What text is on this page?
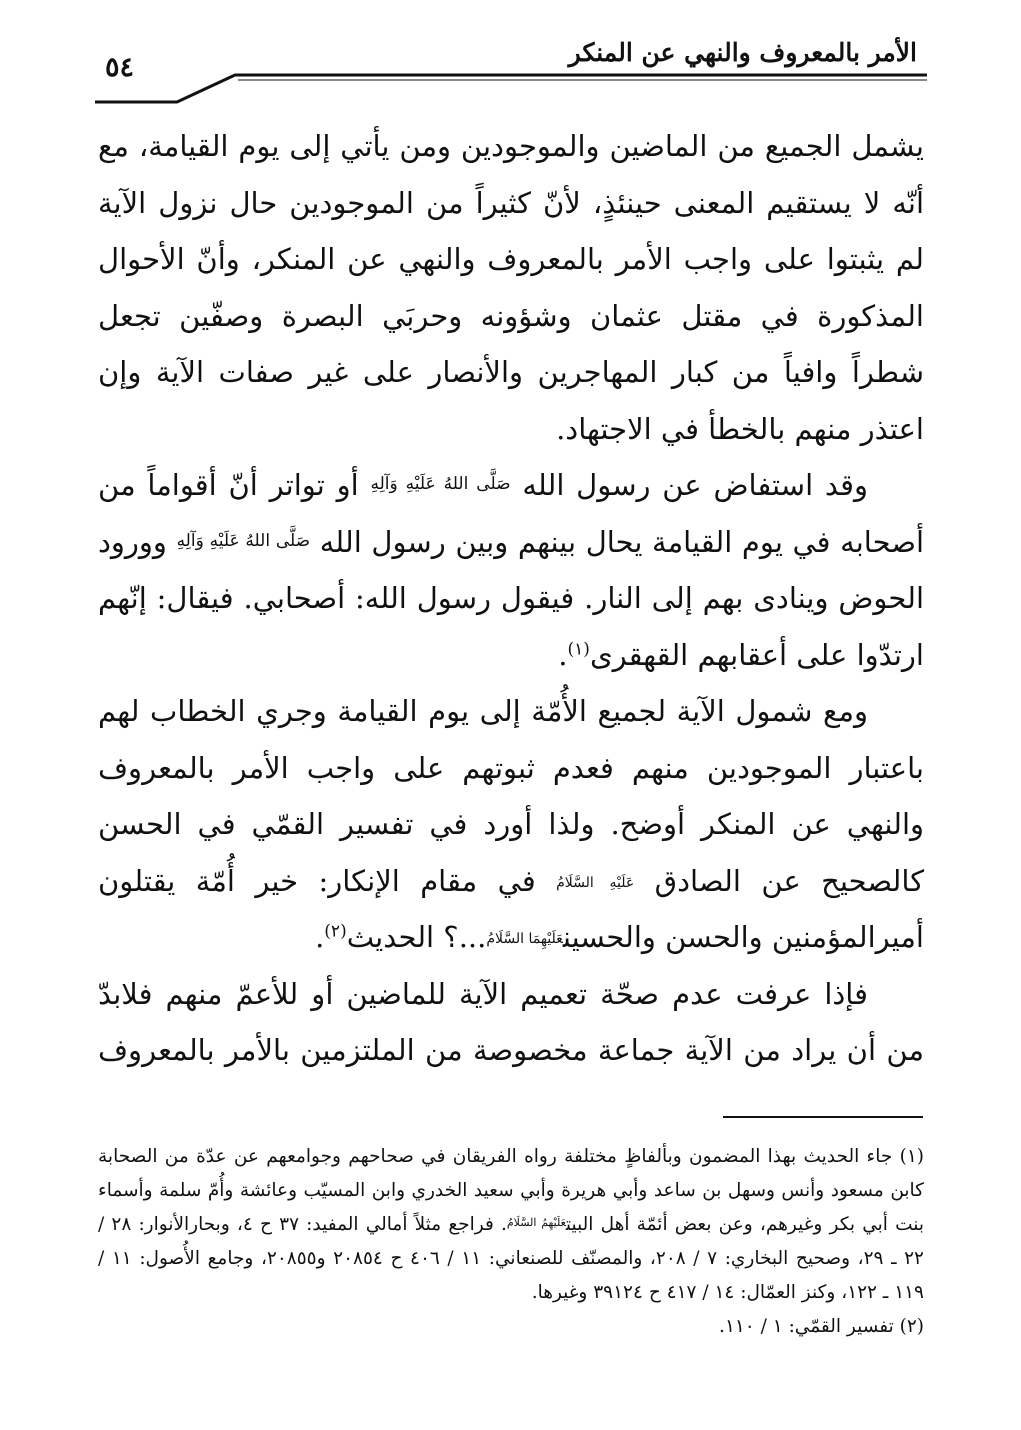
الأمر بالمعروف والنهي عن المنكر
٥٤

يشمل الجميع من الماضين والموجودين ومن يأتي إلى يوم القيامة، مع أنّه لا يستقيم المعنى حينئذٍ، لأنّ كثيراً من الموجودين حال نزول الآية لم يثبتوا على واجب الأمر بالمعروف والنهي عن المنكر، وأنّ الأحوال المذكورة في مقتل عثمان وشؤونه وحربَي البصرة وصفّين تجعل شطراً وافياً من كبار المهاجرين والأنصار على غير صفات الآية وإن اعتذر منهم بالخطأ في الاجتهاد.

وقد استفاض عن رسول الله $^{صَلَّى اللهُ عَلَيْهِ وَآلِهِ}$ أو تواتر أنّ أقواماً من أصحابه في يوم القيامة يحال بينهم وبين رسول الله $^{صَلَّى اللهُ عَلَيْهِ وَآلِهِ}$ وورود الحوض وينادى بهم إلى النار. فيقول رسول الله: أصحابي. فيقال: إنّهم ارتدّوا على أعقابهم القهقرى$^{(١)}$.

ومع شمول الآية لجميع الأُمّة إلى يوم القيامة وجري الخطاب لهم باعتبار الموجودين منهم فعدم ثبوتهم على واجب الأمر بالمعروف والنهي عن المنكر أوضح. ولذا أورد في تفسير القمّي في الحسن كالصحيح عن الصادق عَلَيْهِ السَّلَامُ في مقام الإنكار: خير أُمّة يقتلون أميرالمؤمنين والحسن والحسينعَلَيْهِمَا السَّلَامُ...؟ الحديث$^{(٢)}$.

فإذا عرفت عدم صحّة تعميم الآية للماضين أو للأعمّ منهم فلابدّ من أن يراد من الآية جماعة مخصوصة من الملتزمين بالأمر بالمعروف

(١) جاء الحديث بهذا المضمون وبألفاظٍ مختلفة رواه الفريقان في صحاحهم وجوامعهم عن عدّة من الصحابة كابن مسعود وأنس وسهل بن ساعد وأبي هريرة وأبي سعيد الخدري وابن المسيّب وعائشة وأُمّ سلمة وأسماء بنت أبي بكر وغيرهم، وعن بعض أئمّة أهل البيت$^{عَلَيْهِمُ السَّلَامُ}$. فراجع مثلاً أمالي المفيد: ٣٧ ح ٤، وبحارالأنوار: ٢٨ / ٢٢ ـ ٢٩، وصحيح البخاري: ٧ / ٢٠٨، والمصنّف للصنعاني: ١١ / ٤٠٦ ح ٢٠٨٥٤ و٢٠٨٥٥، وجامع الأُصول: ١١ / ١١٩ ـ ١٢٢، وكنز العمّال: ١٤ / ٤١٧ ح ٣٩١٢٤ وغيرها.

(٢) تفسير القمّي: ١ / ١١٠.
